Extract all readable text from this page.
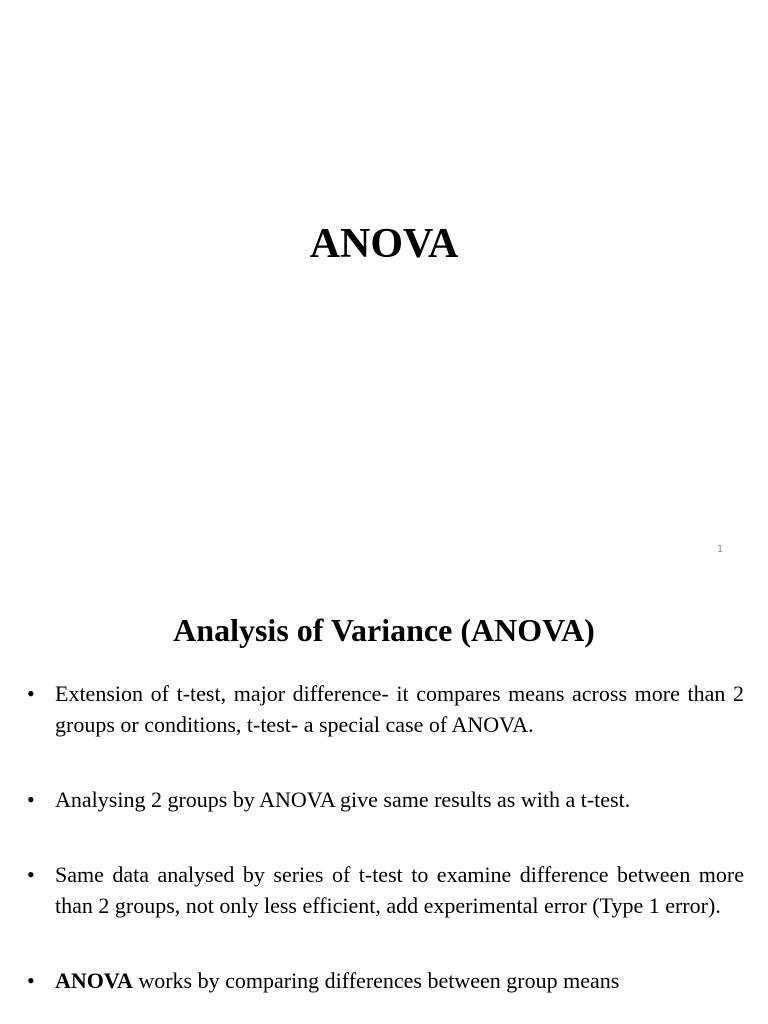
ANOVA
1
Analysis of Variance (ANOVA)
• Extension of t-test, major difference- it compares means across more than 2 groups or conditions, t-test- a special case of ANOVA.
• Analysing 2 groups by ANOVA give same results as with a t-test.
• Same data analysed by series of t-test to examine difference between more than 2 groups, not only less efficient, add experimental error (Type 1 error).
• ANOVA works by comparing differences between group means
